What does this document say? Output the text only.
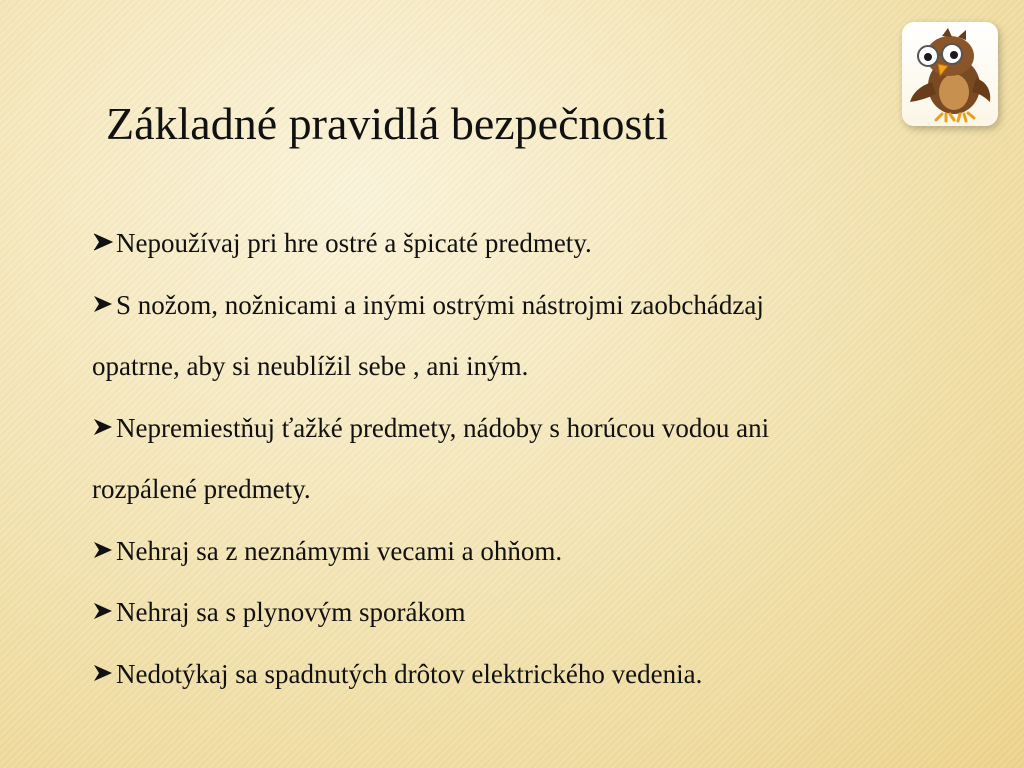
Základné pravidlá bezpečnosti
Nepoužívaj pri hre ostré a špicaté predmety.
S nožom, nožnicami a inými ostrými nástrojmi zaobchádzaj
opatrne, aby si neublížil sebe , ani iným.
Nepremiestňuj ťažké predmety, nádoby s horúcou vodou ani
rozpálené predmety.
Nehraj sa z neznámymi vecami a ohňom.
Nehraj sa s plynovým sporákom
Nedotýkaj sa spadnutých drôtov elektrického vedenia.
